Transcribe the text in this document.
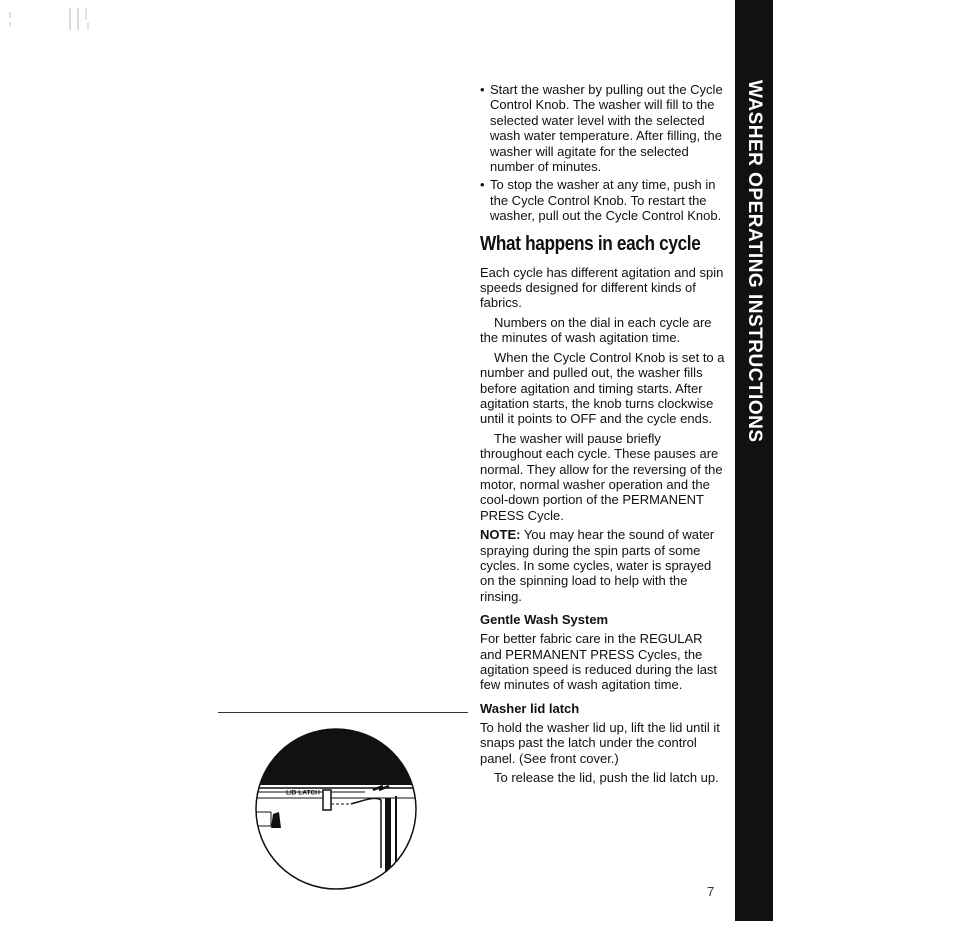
WASHER OPERATING INSTRUCTIONS
• Start the washer by pulling out the Cycle Control Knob. The washer will fill to the selected water level with the selected wash water temperature. After filling, the washer will agitate for the selected number of minutes.
• To stop the washer at any time, push in the Cycle Control Knob. To restart the washer, pull out the Cycle Control Knob.
What happens in each cycle

Each cycle has different agitation and spin speeds designed for different kinds of fabrics.

Numbers on the dial in each cycle are the minutes of wash agitation time.

When the Cycle Control Knob is set to a number and pulled out, the washer fills before agitation and timing starts. After agitation starts, the knob turns clockwise until it points to OFF and the cycle ends.

The washer will pause briefly throughout each cycle. These pauses are normal. They allow for the reversing of the motor, normal washer operation and the cool-down portion of the PERMANENT PRESS Cycle.

NOTE: You may hear the sound of water spraying during the spin parts of some cycles. In some cycles, water is sprayed on the spinning load to help with the rinsing.

Gentle Wash System

For better fabric care in the REGULAR and PERMANENT PRESS Cycles, the agitation speed is reduced during the last few minutes of wash agitation time.

Washer lid latch

To hold the washer lid up, lift the lid until it snaps past the latch under the control panel. (See front cover.)

To release the lid, push the lid latch up.

LID LATCH
7
